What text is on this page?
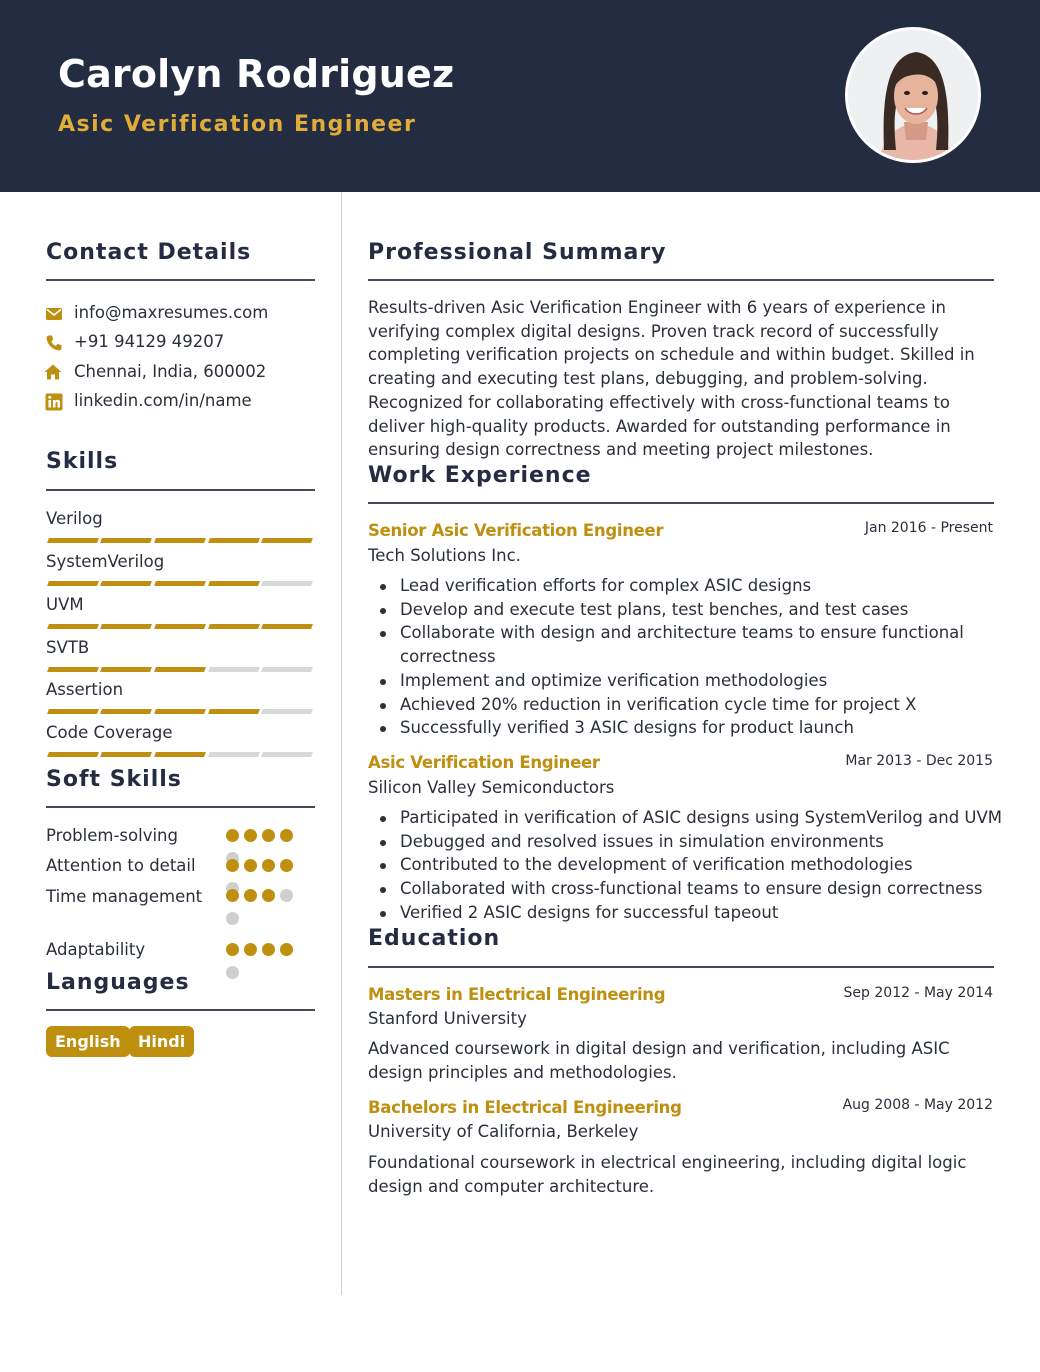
Carolyn Rodriguez
Asic Verification Engineer
Contact Details
info@maxresumes.com
+91 94129 49207
Chennai, India, 600002
linkedin.com/in/name
Skills
Verilog
SystemVerilog
UVM
SVTB
Assertion
Code Coverage
Soft Skills
Problem-solving
Attention to detail
Time management
Adaptability
Languages
English	Hindi
Professional Summary
Results-driven Asic Verification Engineer with 6 years of experience in verifying complex digital designs. Proven track record of successfully completing verification projects on schedule and within budget. Skilled in creating and executing test plans, debugging, and problem-solving. Recognized for collaborating effectively with cross-functional teams to deliver high-quality products. Awarded for outstanding performance in ensuring design correctness and meeting project milestones.
Work Experience
Senior Asic Verification Engineer	Jan 2016 - Present
Tech Solutions Inc.
Lead verification efforts for complex ASIC designs
Develop and execute test plans, test benches, and test cases
Collaborate with design and architecture teams to ensure functional correctness
Implement and optimize verification methodologies
Achieved 20% reduction in verification cycle time for project X
Successfully verified 3 ASIC designs for product launch
Asic Verification Engineer	Mar 2013 - Dec 2015
Silicon Valley Semiconductors
Participated in verification of ASIC designs using SystemVerilog and UVM
Debugged and resolved issues in simulation environments
Contributed to the development of verification methodologies
Collaborated with cross-functional teams to ensure design correctness
Verified 2 ASIC designs for successful tapeout
Education
Masters in Electrical Engineering	Sep 2012 - May 2014
Stanford University
Advanced coursework in digital design and verification, including ASIC design principles and methodologies.
Bachelors in Electrical Engineering	Aug 2008 - May 2012
University of California, Berkeley
Foundational coursework in electrical engineering, including digital logic design and computer architecture.
